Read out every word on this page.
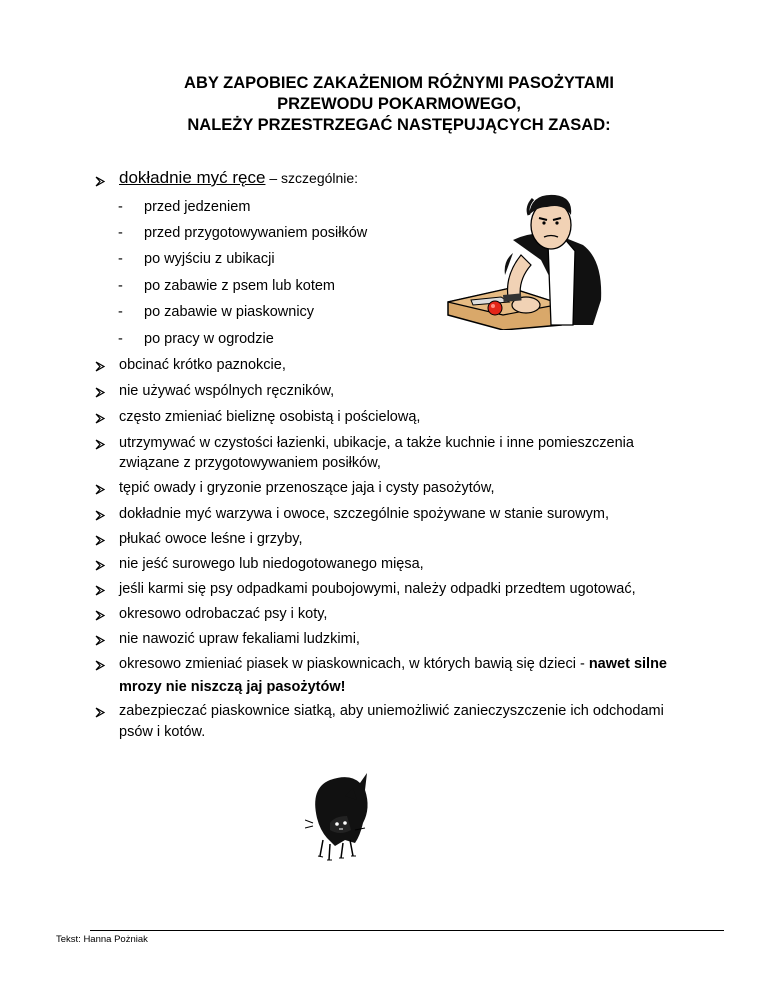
ABY ZAPOBIEC ZAKAŻENIOM RÓŻNYMI PASOŻYTAMI
PRZEWODU POKARMOWEGO,
NALEŻY PRZESTRZEGAĆ NASTĘPUJĄCYCH ZASAD:
dokładnie myć ręce – szczególnie:
- przed jedzeniem
- przed przygotowywaniem posiłków
- po wyjściu z ubikacji
- po zabawie z psem lub kotem
- po zabawie w piaskownicy
- po pracy w ogrodzie
obcinać krótko paznokcie,
nie używać wspólnych ręczników,
często zmieniać bieliznę osobistą i pościelową,
utrzymywać w czystości łazienki, ubikacje, a także kuchnie i inne pomieszczenia
związane z przygotowywaniem posiłków,
tępić owady i gryzonie przenoszące jaja i cysty pasożytów,
dokładnie myć warzywa i owoce, szczególnie spożywane w stanie surowym,
płukać owoce leśne i grzyby,
nie jeść surowego lub niedogotowanego mięsa,
jeśli karmi się psy odpadkami poubojowymi, należy odpadki przedtem ugotować,
okresowo odrobaczać psy i koty,
nie nawozić upraw fekaliami ludzkimi,
okresowo zmieniać piasek w piaskownicach, w których bawią się dzieci - nawet silne
mrozy nie niszczą jaj pasożytów!
zabezpieczać piaskownice siatką, aby uniemożliwić zanieczyszczenie ich odchodami
psów i kotów.
Tekst: Hanna Pożniak
